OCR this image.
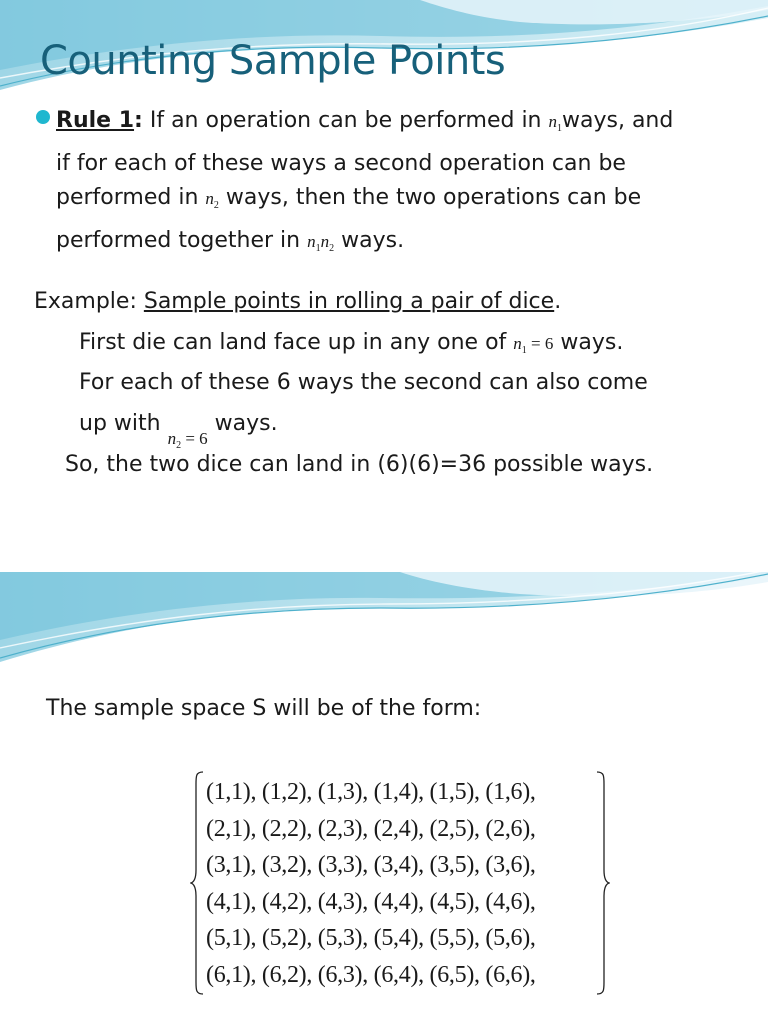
Counting Sample Points
Rule 1: If an operation can be performed in $n_1ways$, and
if for each of these ways a second operation can be
performed in $n_2$ ways, then the two operations can be
performed together in $n_1n_2$ ways.
Example: Sample points in rolling a pair of dice.
First die can land face up in any one of $n_1 = 6$ ways.
For each of these 6 ways the second can also come
up with $_{n_2 = 6}$ ways.
So, the two dice can land in (6)(6)=36 possible ways.
The sample space S will be of the form:
(1,1), (1,2), (1,3), (1,4), (1,5), (1,6),
(2,1), (2,2), (2,3), (2,4), (2,5), (2,6),
(3,1), (3,2), (3,3), (3,4), (3,5), (3,6),
(4,1), (4,2), (4,3), (4,4), (4,5), (4,6),
(5,1), (5,2), (5,3), (5,4), (5,5), (5,6),
(6,1), (6,2), (6,3), (6,4), (6,5), (6,6),
